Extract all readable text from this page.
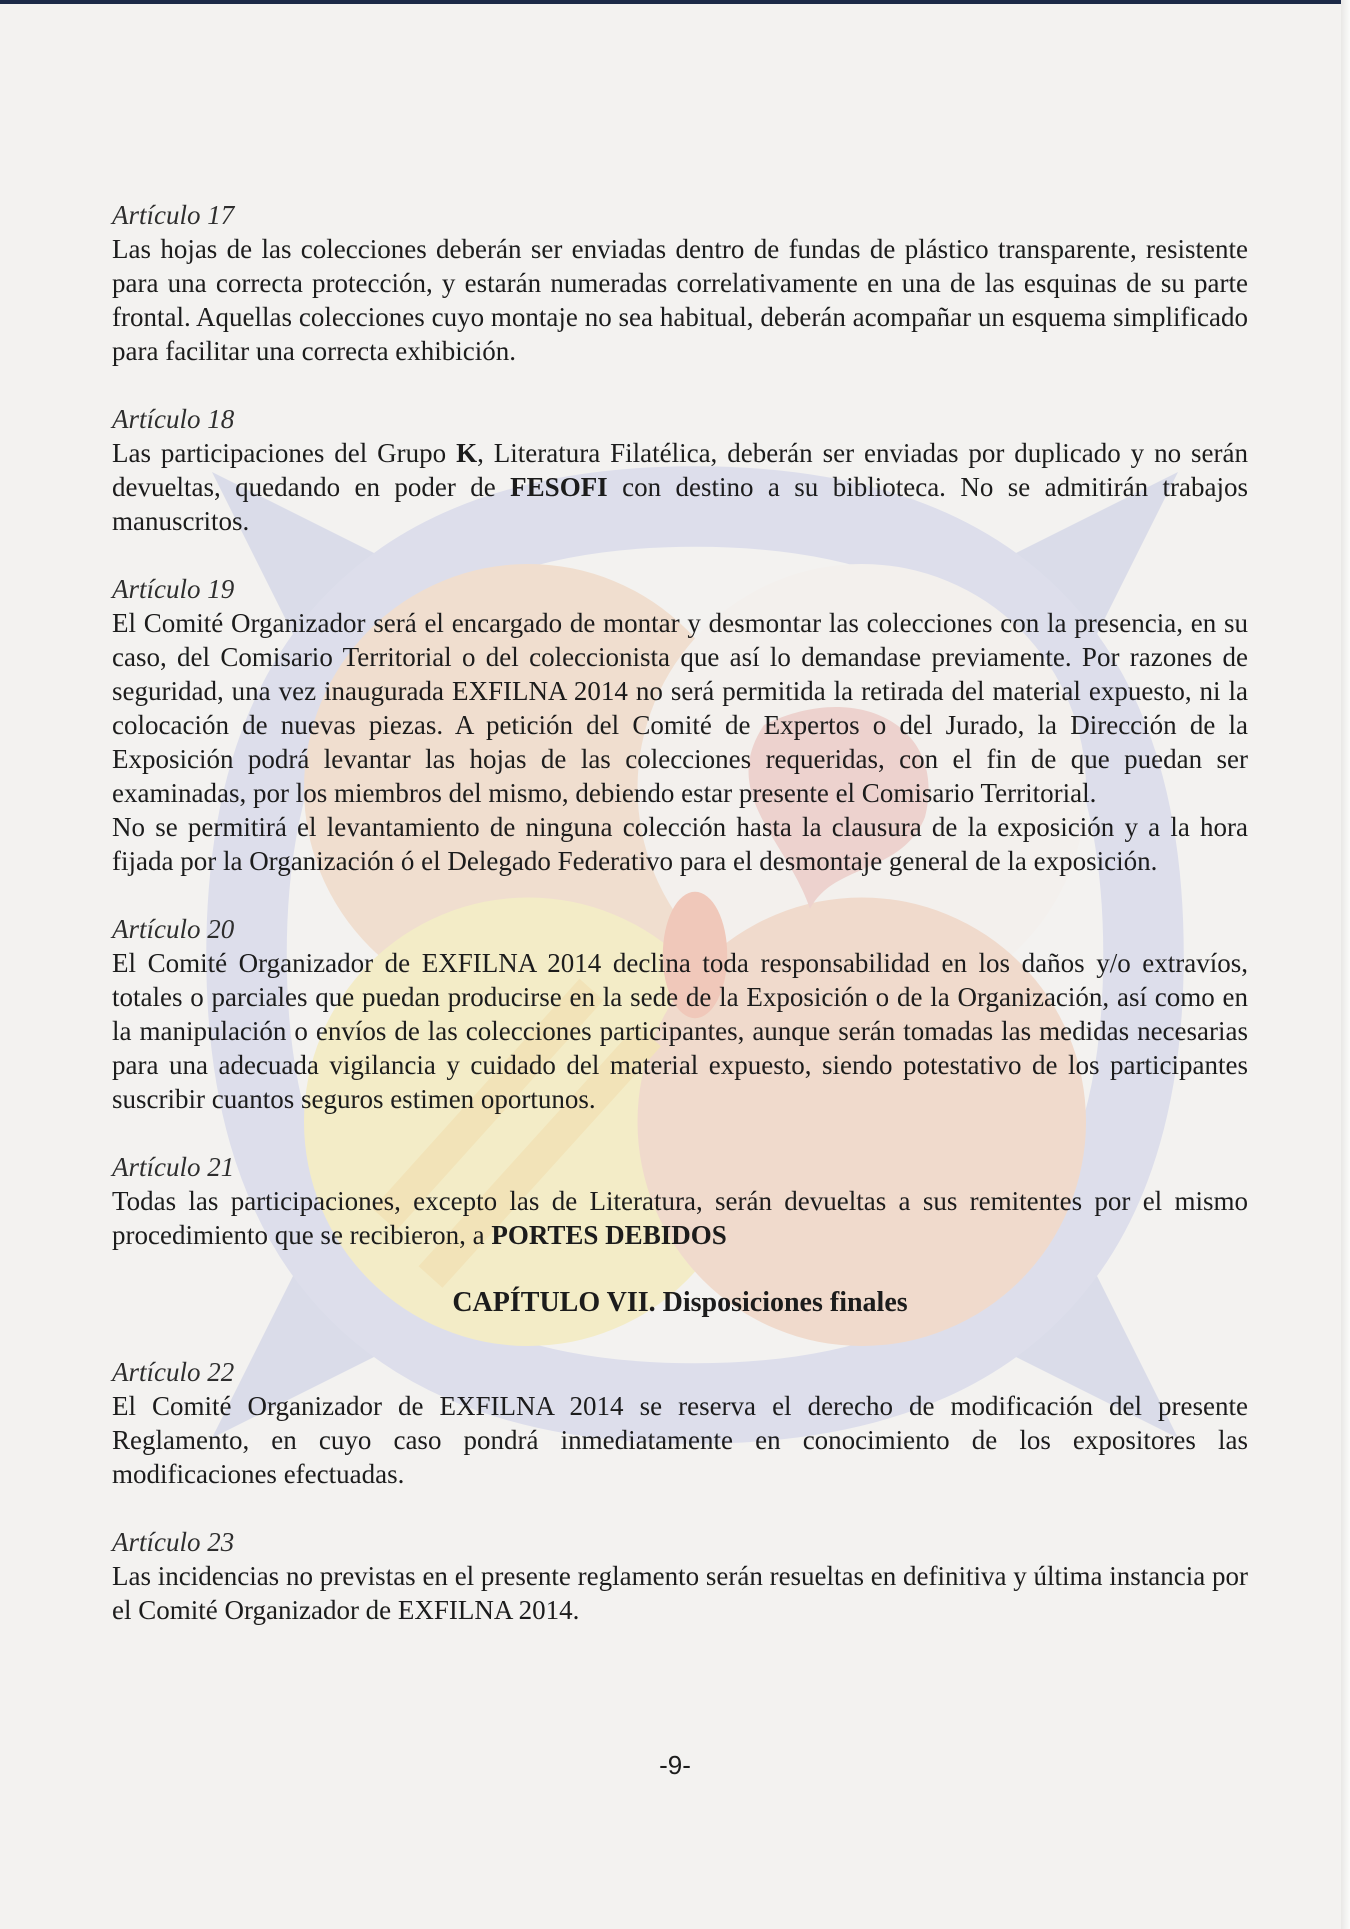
Artículo 17

Las hojas de las colecciones deberán ser enviadas dentro de fundas de plástico transparente, resistente para una correcta protección, y estarán numeradas correlativamente en una de las esquinas de su parte frontal. Aquellas colecciones cuyo montaje no sea habitual, deberán acompañar un esquema simplificado para facilitar una correcta exhibición.

Artículo 18

Las participaciones del Grupo K, Literatura Filatélica, deberán ser enviadas por duplicado y no serán devueltas, quedando en poder de FESOFI con destino a su biblioteca. No se admitirán trabajos manuscritos.

Artículo 19

El Comité Organizador será el encargado de montar y desmontar las colecciones con la presencia, en su caso, del Comisario Territorial o del coleccionista que así lo demandase previamente. Por razones de seguridad, una vez inaugurada EXFILNA 2014 no será permitida la retirada del material expuesto, ni la colocación de nuevas piezas. A petición del Comité de Expertos o del Jurado, la Dirección de la Exposición podrá levantar las hojas de las colecciones requeridas, con el fin de que puedan ser examinadas, por los miembros del mismo, debiendo estar presente el Comisario Territorial.

No se permitirá el levantamiento de ninguna colección hasta la clausura de la exposición y a la hora fijada por la Organización ó el Delegado Federativo para el desmontaje general de la exposición.

Artículo 20

El Comité Organizador de EXFILNA 2014 declina toda responsabilidad en los daños y/o extravíos, totales o parciales que puedan producirse en la sede de la Exposición o de la Organización, así como en la manipulación o envíos de las colecciones participantes, aunque serán tomadas las medidas necesarias para una adecuada vigilancia y cuidado del material expuesto, siendo potestativo de los participantes suscribir cuantos seguros estimen oportunos.

Artículo 21

Todas las participaciones, excepto las de Literatura, serán devueltas a sus remitentes por el mismo procedimiento que se recibieron, a PORTES DEBIDOS

CAPÍTULO VII. Disposiciones finales
Artículo 22

El Comité Organizador de EXFILNA 2014 se reserva el derecho de modificación del presente Reglamento, en cuyo caso pondrá inmediatamente en conocimiento de los expositores las modificaciones efectuadas.

Artículo 23

Las incidencias no previstas en el presente reglamento serán resueltas en definitiva y última instancia por el Comité Organizador de EXFILNA 2014.

-9-
